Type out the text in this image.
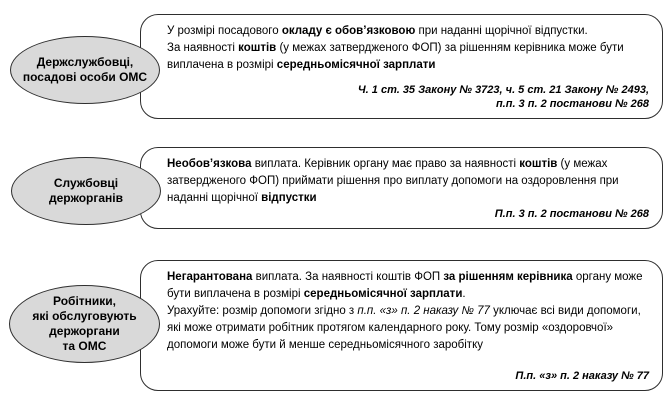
У розмірі посадового окладу є обов’язковою при наданні щорічної відпустки.

За наявності коштів (у межах затвердженого ФОП) за рішенням керівника може бути виплачена в розмірі середньомісячної зарплати

Ч. 1 ст. 35 Закону № 3723, ч. 5 ст. 21 Закону № 2493,
п.п. 3 п. 2 постанови № 268
Держслужбовці,
посадові особи ОМС

Необов’язкова виплата. Керівник органу має право за наявності коштів (у межах затвердженого ФОП) приймати рішення про виплату допомоги на оздоровлення при наданні щорічної відпустки

П.п. 3 п. 2 постанови № 268
Службовці
держорганів

Негарантована виплата. За наявності коштів ФОП за рішенням керівника органу може бути виплачена в розмірі середньомісячної зарплати.

Урахуйте: розмір допомоги згідно з п.п. «з» п. 2 наказу № 77 уключає всі види допомоги, які може отримати робітник протягом календарного року. Тому розмір «оздоровчої» допомоги може бути й менше середньомісячного заробітку

П.п. «з» п. 2 наказу № 77
Робітники,
які обслуговують
держоргани
та ОМС
